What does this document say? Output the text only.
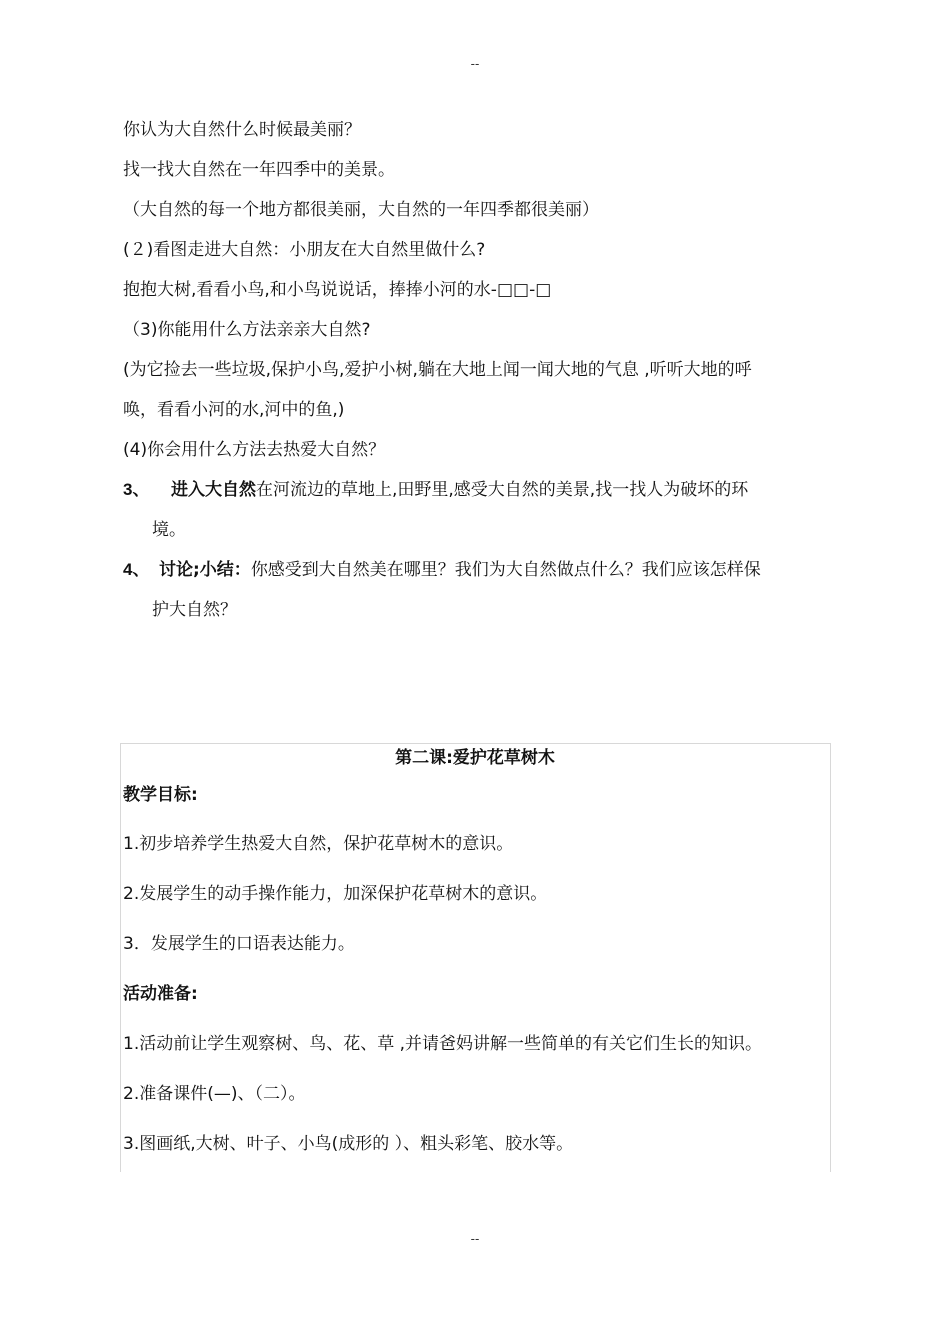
--
你认为大自然什么时候最美丽？
找一找大自然在一年四季中的美景。
（大自然的每一个地方都很美丽，大自然的一年四季都很美丽）
(２)看图走进大自然：小朋友在大自然里做什么?
抱抱大树,看看小鸟,和小鸟说说话，捧捧小河的水-□□-□
（3)你能用什么方法亲亲大自然?
(为它捡去一些垃圾,保护小鸟,爱护小树,躺在大地上闻一闻大地的气息 ,听听大地的呼
唤，看看小河的水,河中的鱼,)
(4)你会用什么方法去热爱大自然？
3、 进入大自然在河流边的草地上,田野里,感受大自然的美景,找一找人为破坏的环
境。
4、 讨论;小结：你感受到大自然美在哪里？我们为大自然做点什么？我们应该怎样保
护大自然？
第二课:爱护花草树木
教学目标:
1.初步培养学生热爱大自然，保护花草树木的意识。
2.发展学生的动手操作能力，加深保护花草树木的意识。
3．发展学生的口语表达能力。
活动准备:
1.活动前让学生观察树、鸟、花、草 ,并请爸妈讲解一些简单的有关它们生长的知识。
2.准备课件(—)、（二）。
3.图画纸,大树、叶子、小鸟(成形的 ）、粗头彩笔、胶水等。
--
